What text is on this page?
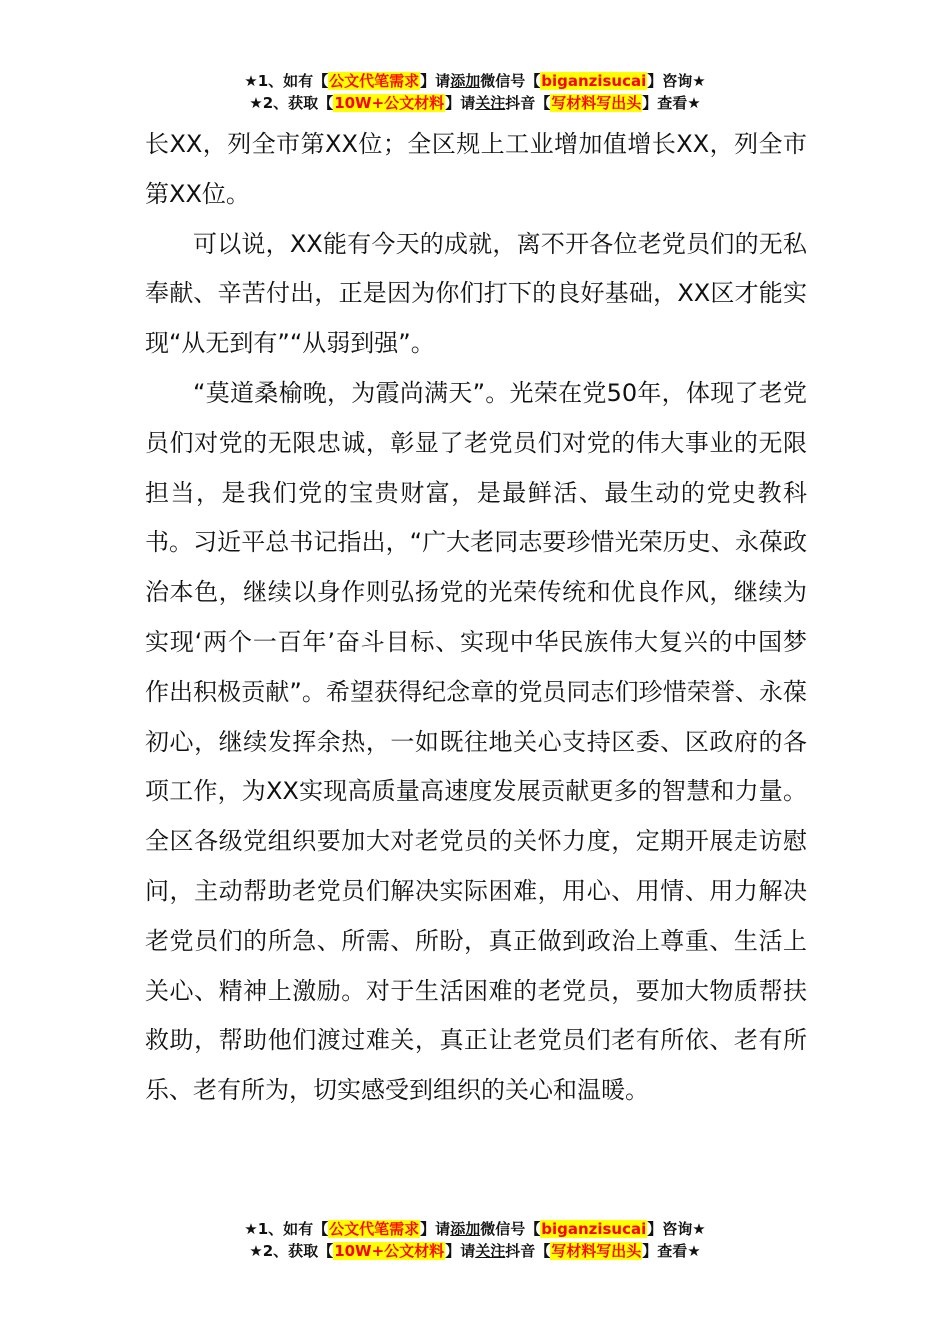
★1、如有【公文代笔需求】请添加微信号【biganzisucai】咨询★
★2、获取【10W+公文材料】请关注抖音【写材料写出头】查看★

长XX，列全市第XX位；全区规上工业增加值增长XX，列全市第XX位。

可以说，XX能有今天的成就，离不开各位老党员们的无私奉献、辛苦付出，正是因为你们打下的良好基础，XX区才能实现“从无到有”“从弱到强”。

“莫道桑榆晚，为霞尚满天”。光荣在党50年，体现了老党员们对党的无限忠诚，彰显了老党员们对党的伟大事业的无限担当，是我们党的宝贵财富，是最鲜活、最生动的党史教科书。习近平总书记指出，“广大老同志要珍惜光荣历史、永葆政治本色，继续以身作则弘扬党的光荣传统和优良作风，继续为实现‘两个一百年’奋斗目标、实现中华民族伟大复兴的中国梦作出积极贡献”。希望获得纪念章的党员同志们珍惜荣誉、永葆初心，继续发挥余热，一如既往地关心支持区委、区政府的各项工作，为XX实现高质量高速度发展贡献更多的智慧和力量。全区各级党组织要加大对老党员的关怀力度，定期开展走访慰问，主动帮助老党员们解决实际困难，用心、用情、用力解决老党员们的所急、所需、所盼，真正做到政治上尊重、生活上关心、精神上激励。对于生活困难的老党员，要加大物质帮扶救助，帮助他们渡过难关，真正让老党员们老有所依、老有所乐、老有所为，切实感受到组织的关心和温暖。

★1、如有【公文代笔需求】请添加微信号【biganzisucai】咨询★
★2、获取【10W+公文材料】请关注抖音【写材料写出头】查看★
